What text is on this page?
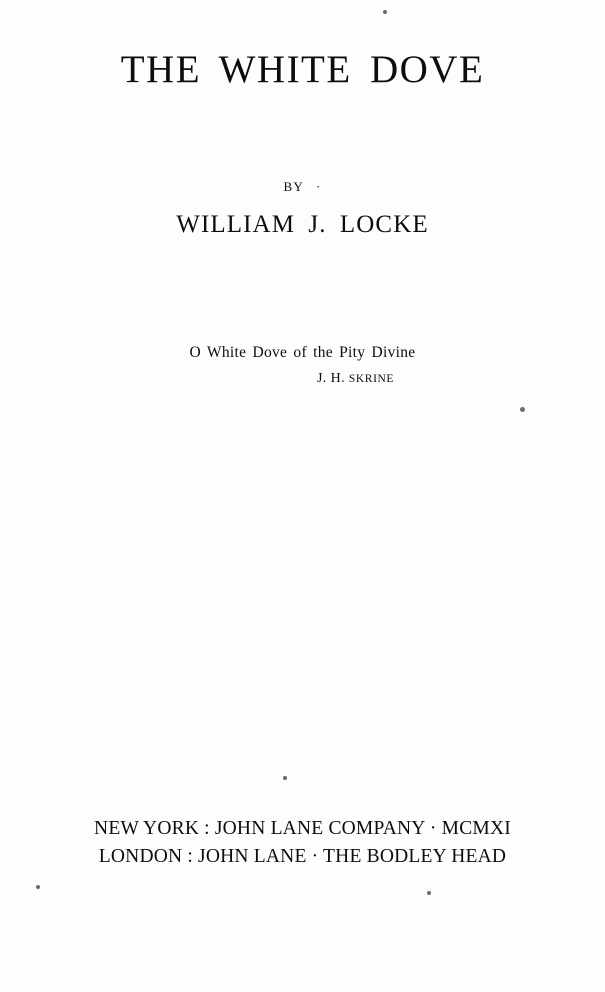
THE WHITE DOVE
BY ·
WILLIAM J. LOCKE
O White Dove of the Pity Divine
J. H. SKRINE
NEW YORK : JOHN LANE COMPANY · MCMXI
LONDON : JOHN LANE · THE BODLEY HEAD
